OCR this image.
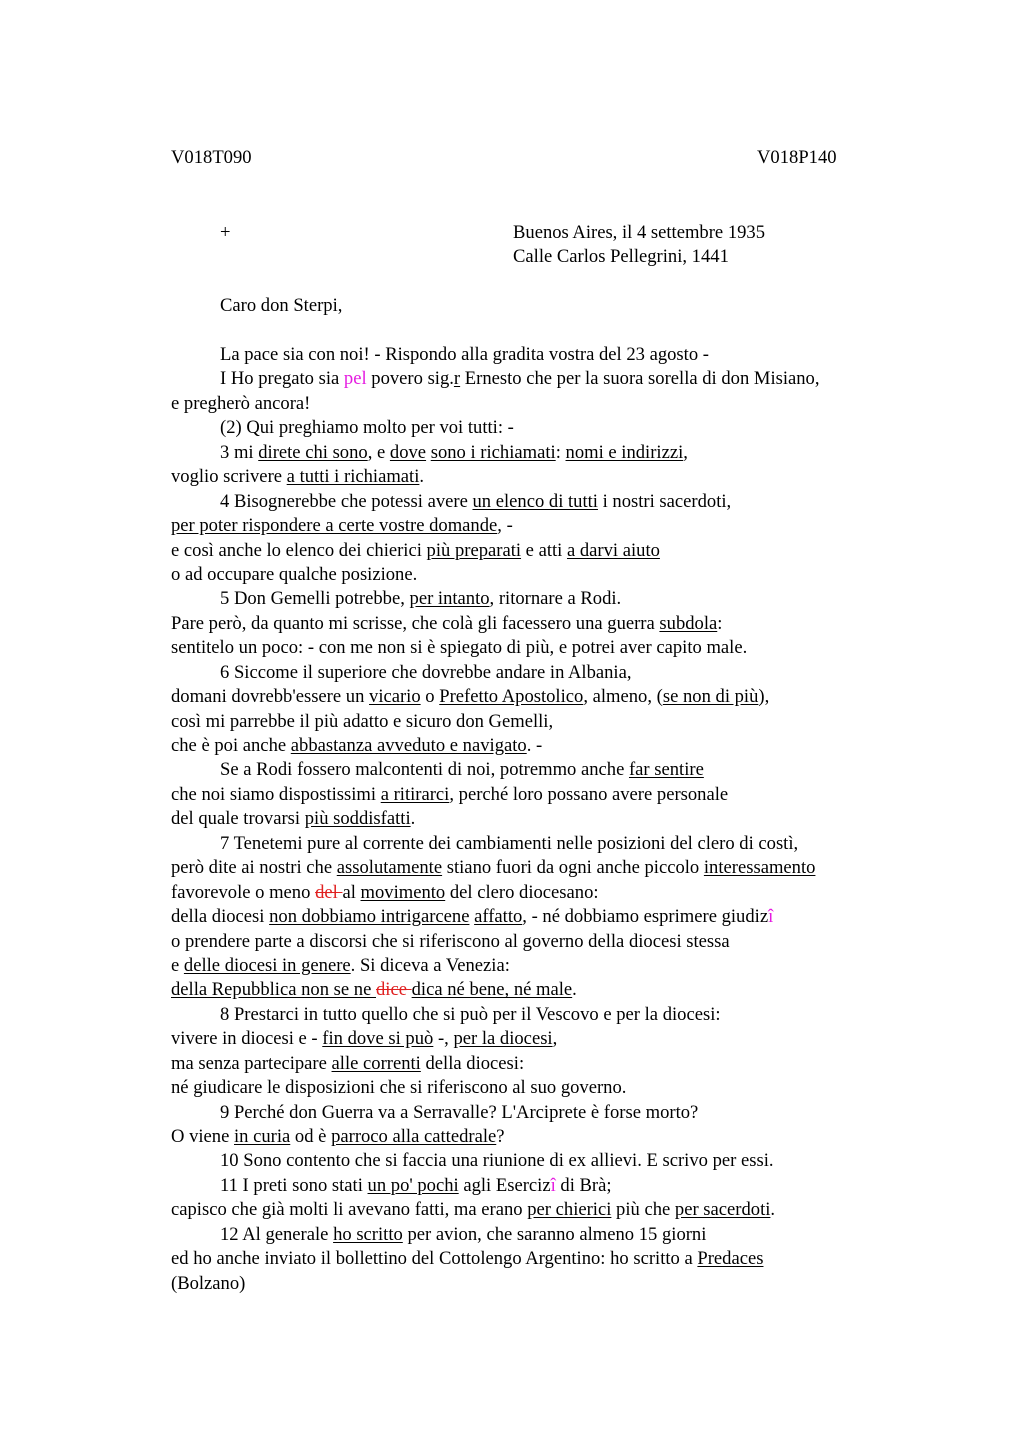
V018T090	V018P140
+	Buenos Aires, il 4 settembre 1935
Calle Carlos Pellegrini, 1441
Caro don Sterpi,
La pace sia con noi! - Rispondo alla gradita vostra del 23 agosto -
I Ho pregato sia pel povero sig.r Ernesto che per la suora sorella di don Misiano,
e pregherò ancora!
(2) Qui preghiamo molto per voi tutti: -
3 mi direte chi sono, e dove sono i richiamati: nomi e indirizzi,
voglio scrivere a tutti i richiamati.
4 Bisognerebbe che potessi avere un elenco di tutti i nostri sacerdoti,
per poter rispondere a certe vostre domande, -
e così anche lo elenco dei chierici più preparati e atti a darvi aiuto
o ad occupare qualche posizione.
5 Don Gemelli potrebbe, per intanto, ritornare a Rodi.
Pare però, da quanto mi scrisse, che colà gli facessero una guerra subdola:
sentitelo un poco: - con me non si è spiegato di più, e potrei aver capito male.
6 Siccome il superiore che dovrebbe andare in Albania,
domani dovrebb'essere un vicario o Prefetto Apostolico, almeno, (se non di più),
così mi parrebbe il più adatto e sicuro don Gemelli,
che è poi anche abbastanza avveduto e navigato. -
Se a Rodi fossero malcontenti di noi, potremmo anche far sentire
che noi siamo dispostissimi a ritirarci, perché loro possano avere personale
del quale trovarsi più soddisfatti.
7 Tenetemi pure al corrente dei cambiamenti nelle posizioni del clero di costì,
però dite ai nostri che assolutamente stiano fuori da ogni anche piccolo interessamento
favorevole o meno del al movimento del clero diocesano:
della diocesi non dobbiamo intrigarcene affatto, - né dobbiamo esprimere giudizî
o prendere parte a discorsi che si riferiscono al governo della diocesi stessa
e delle diocesi in genere. Si diceva a Venezia:
della Repubblica non se ne dice dica né bene, né male.
8 Prestarci in tutto quello che si può per il Vescovo e per la diocesi:
vivere in diocesi e - fin dove si può -, per la diocesi,
ma senza partecipare alle correnti della diocesi:
né giudicare le disposizioni che si riferiscono al suo governo.
9 Perché don Guerra va a Serravalle? L'Arciprete è forse morto?
O viene in curia od è parroco alla cattedrale?
10 Sono contento che si faccia una riunione di ex allievi. E scrivo per essi.
11 I preti sono stati un po' pochi agli Esercizî di Brà;
capisco che già molti li avevano fatti, ma erano per chierici più che per sacerdoti.
12 Al generale ho scritto per avion, che saranno almeno 15 giorni
ed ho anche inviato il bollettino del Cottolengo Argentino: ho scritto a Predaces
(Bolzano)
